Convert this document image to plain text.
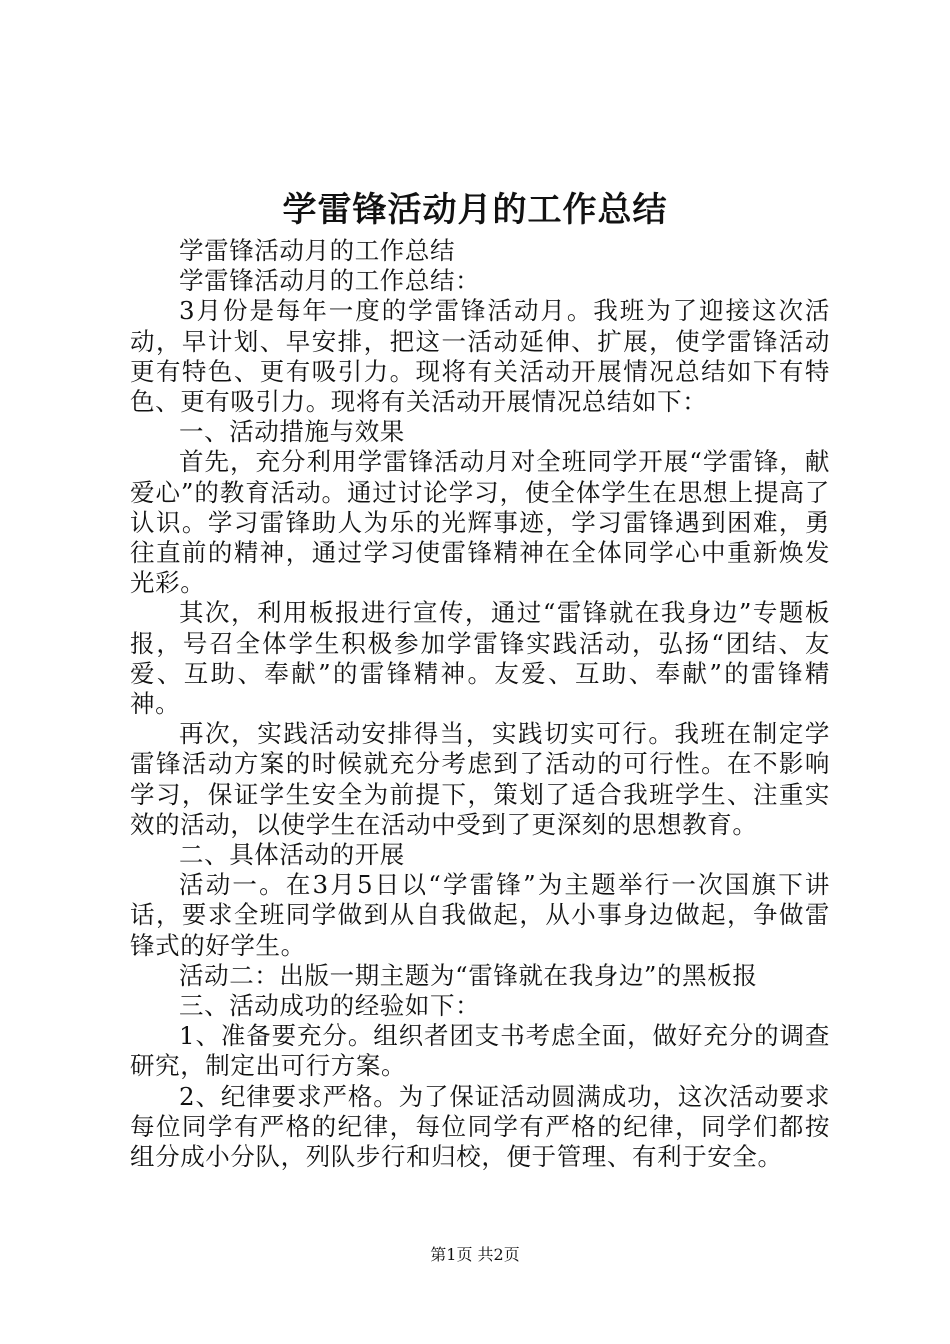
学雷锋活动月的工作总结

学雷锋活动月的工作总结

学雷锋活动月的工作总结：

3月份是每年一度的学雷锋活动月。我班为了迎接这次活动，早计划、早安排，把这一活动延伸、扩展，使学雷锋活动更有特色、更有吸引力。现将有关活动开展情况总结如下有特色、更有吸引力。现将有关活动开展情况总结如下：

一、活动措施与效果

首先，充分利用学雷锋活动月对全班同学开展“学雷锋，献爱心”的教育活动。通过讨论学习，使全体学生在思想上提高了认识。学习雷锋助人为乐的光辉事迹，学习雷锋遇到困难，勇往直前的精神，通过学习使雷锋精神在全体同学心中重新焕发光彩。

其次，利用板报进行宣传，通过“雷锋就在我身边”专题板报，号召全体学生积极参加学雷锋实践活动，弘扬“团结、友爱、互助、奉献”的雷锋精神。友爱、互助、奉献”的雷锋精神。

再次，实践活动安排得当，实践切实可行。我班在制定学雷锋活动方案的时候就充分考虑到了活动的可行性。在不影响学习，保证学生安全为前提下，策划了适合我班学生、注重实效的活动，以使学生在活动中受到了更深刻的思想教育。

二、具体活动的开展

活动一。在3月5日以“学雷锋”为主题举行一次国旗下讲话，要求全班同学做到从自我做起，从小事身边做起，争做雷锋式的好学生。

活动二：出版一期主题为“雷锋就在我身边”的黑板报

三、活动成功的经验如下：

1、准备要充分。组织者团支书考虑全面，做好充分的调查研究，制定出可行方案。

2、纪律要求严格。为了保证活动圆满成功，这次活动要求每位同学有严格的纪律，每位同学有严格的纪律，同学们都按组分成小分队，列队步行和归校，便于管理、有利于安全。

第1页 共2页
